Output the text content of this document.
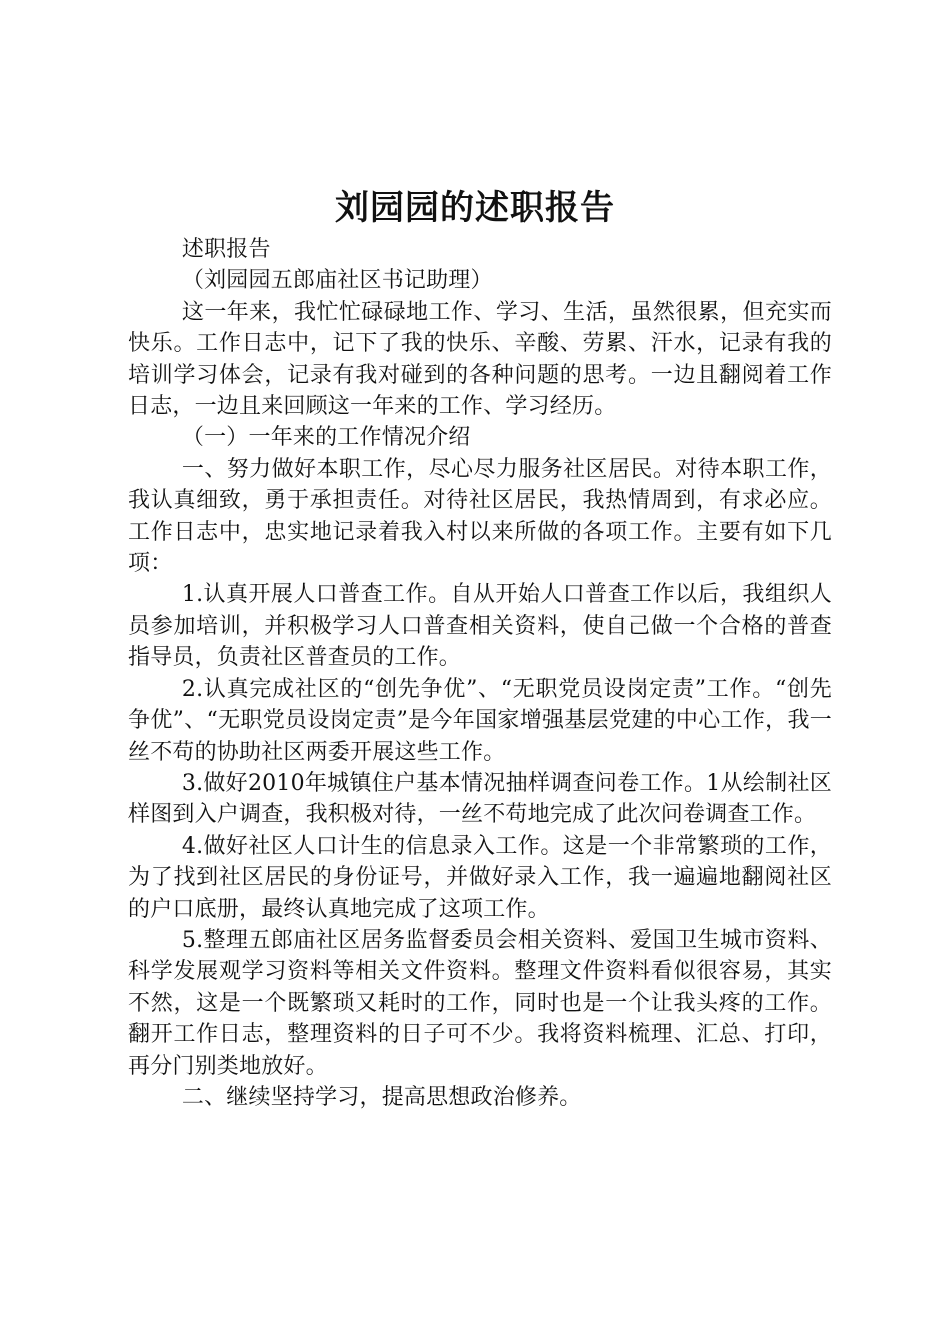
刘园园的述职报告

述职报告

（刘园园五郎庙社区书记助理）

这一年来，我忙忙碌碌地工作、学习、生活，虽然很累，但充实而快乐。工作日志中，记下了我的快乐、辛酸、劳累、汗水，记录有我的培训学习体会，记录有我对碰到的各种问题的思考。一边且翻阅着工作日志，一边且来回顾这一年来的工作、学习经历。

（一）一年来的工作情况介绍

一、努力做好本职工作，尽心尽力服务社区居民。对待本职工作，我认真细致，勇于承担责任。对待社区居民，我热情周到，有求必应。工作日志中，忠实地记录着我入村以来所做的各项工作。主要有如下几项：

1.认真开展人口普查工作。自从开始人口普查工作以后，我组织人员参加培训，并积极学习人口普查相关资料，使自己做一个合格的普查指导员，负责社区普查员的工作。

2.认真完成社区的“创先争优”、“无职党员设岗定责”工作。“创先争优”、“无职党员设岗定责”是今年国家增强基层党建的中心工作，我一丝不苟的协助社区两委开展这些工作。

3.做好2010年城镇住户基本情况抽样调查问卷工作。1从绘制社区样图到入户调查，我积极对待，一丝不苟地完成了此次问卷调查工作。

4.做好社区人口计生的信息录入工作。这是一个非常繁琐的工作，为了找到社区居民的身份证号，并做好录入工作，我一遍遍地翻阅社区的户口底册，最终认真地完成了这项工作。

5.整理五郎庙社区居务监督委员会相关资料、爱国卫生城市资料、科学发展观学习资料等相关文件资料。整理文件资料看似很容易，其实不然，这是一个既繁琐又耗时的工作，同时也是一个让我头疼的工作。翻开工作日志，整理资料的日子可不少。我将资料梳理、汇总、打印，再分门别类地放好。

二、继续坚持学习，提高思想政治修养。
